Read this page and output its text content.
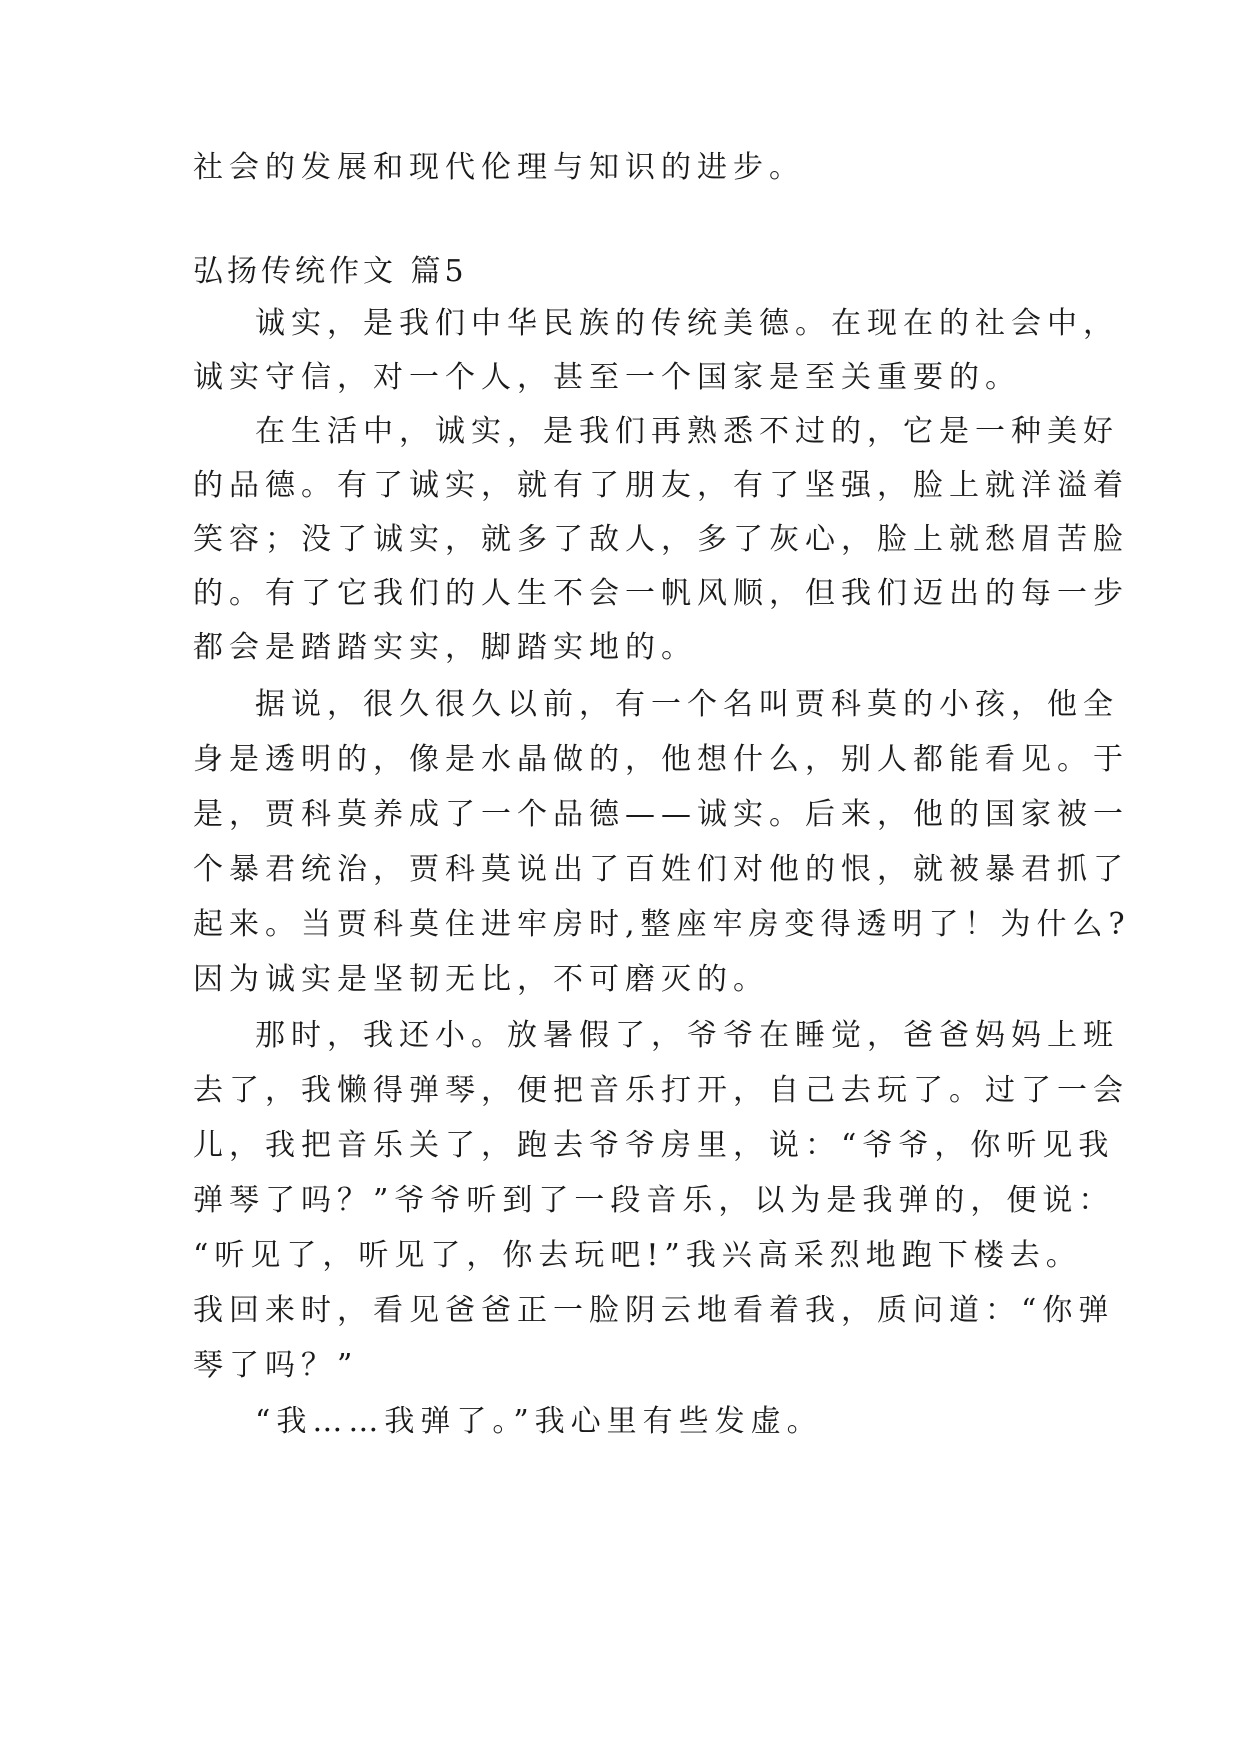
社会的发展和现代伦理与知识的进步。

弘扬传统作文 篇5

诚实，是我们中华民族的传统美德。在现在的社会中，

诚实守信，对一个人，甚至一个国家是至关重要的。

在生活中，诚实，是我们再熟悉不过的，它是一种美好

的品德。有了诚实，就有了朋友，有了坚强，脸上就洋溢着

笑容；没了诚实，就多了敌人，多了灰心，脸上就愁眉苦脸

的。有了它我们的人生不会一帆风顺，但我们迈出的每一步

都会是踏踏实实，脚踏实地的。

据说，很久很久以前，有一个名叫贾科莫的小孩，他全

身是透明的，像是水晶做的，他想什么，别人都能看见。于

是，贾科莫养成了一个品德——诚实。后来，他的国家被一

个暴君统治，贾科莫说出了百姓们对他的恨，就被暴君抓了

起来。当贾科莫住进牢房时,整座牢房变得透明了！为什么?

因为诚实是坚韧无比，不可磨灭的。

那时，我还小。放暑假了，爷爷在睡觉，爸爸妈妈上班

去了，我懒得弹琴，便把音乐打开，自己去玩了。过了一会

儿，我把音乐关了，跑去爷爷房里，说：“爷爷，你听见我

弹琴了吗？”爷爷听到了一段音乐，以为是我弹的，便说：

“听见了，听见了，你去玩吧!”我兴高采烈地跑下楼去。

我回来时，看见爸爸正一脸阴云地看着我，质问道：“你弹

琴了吗？”

“我……我弹了。”我心里有些发虚。
